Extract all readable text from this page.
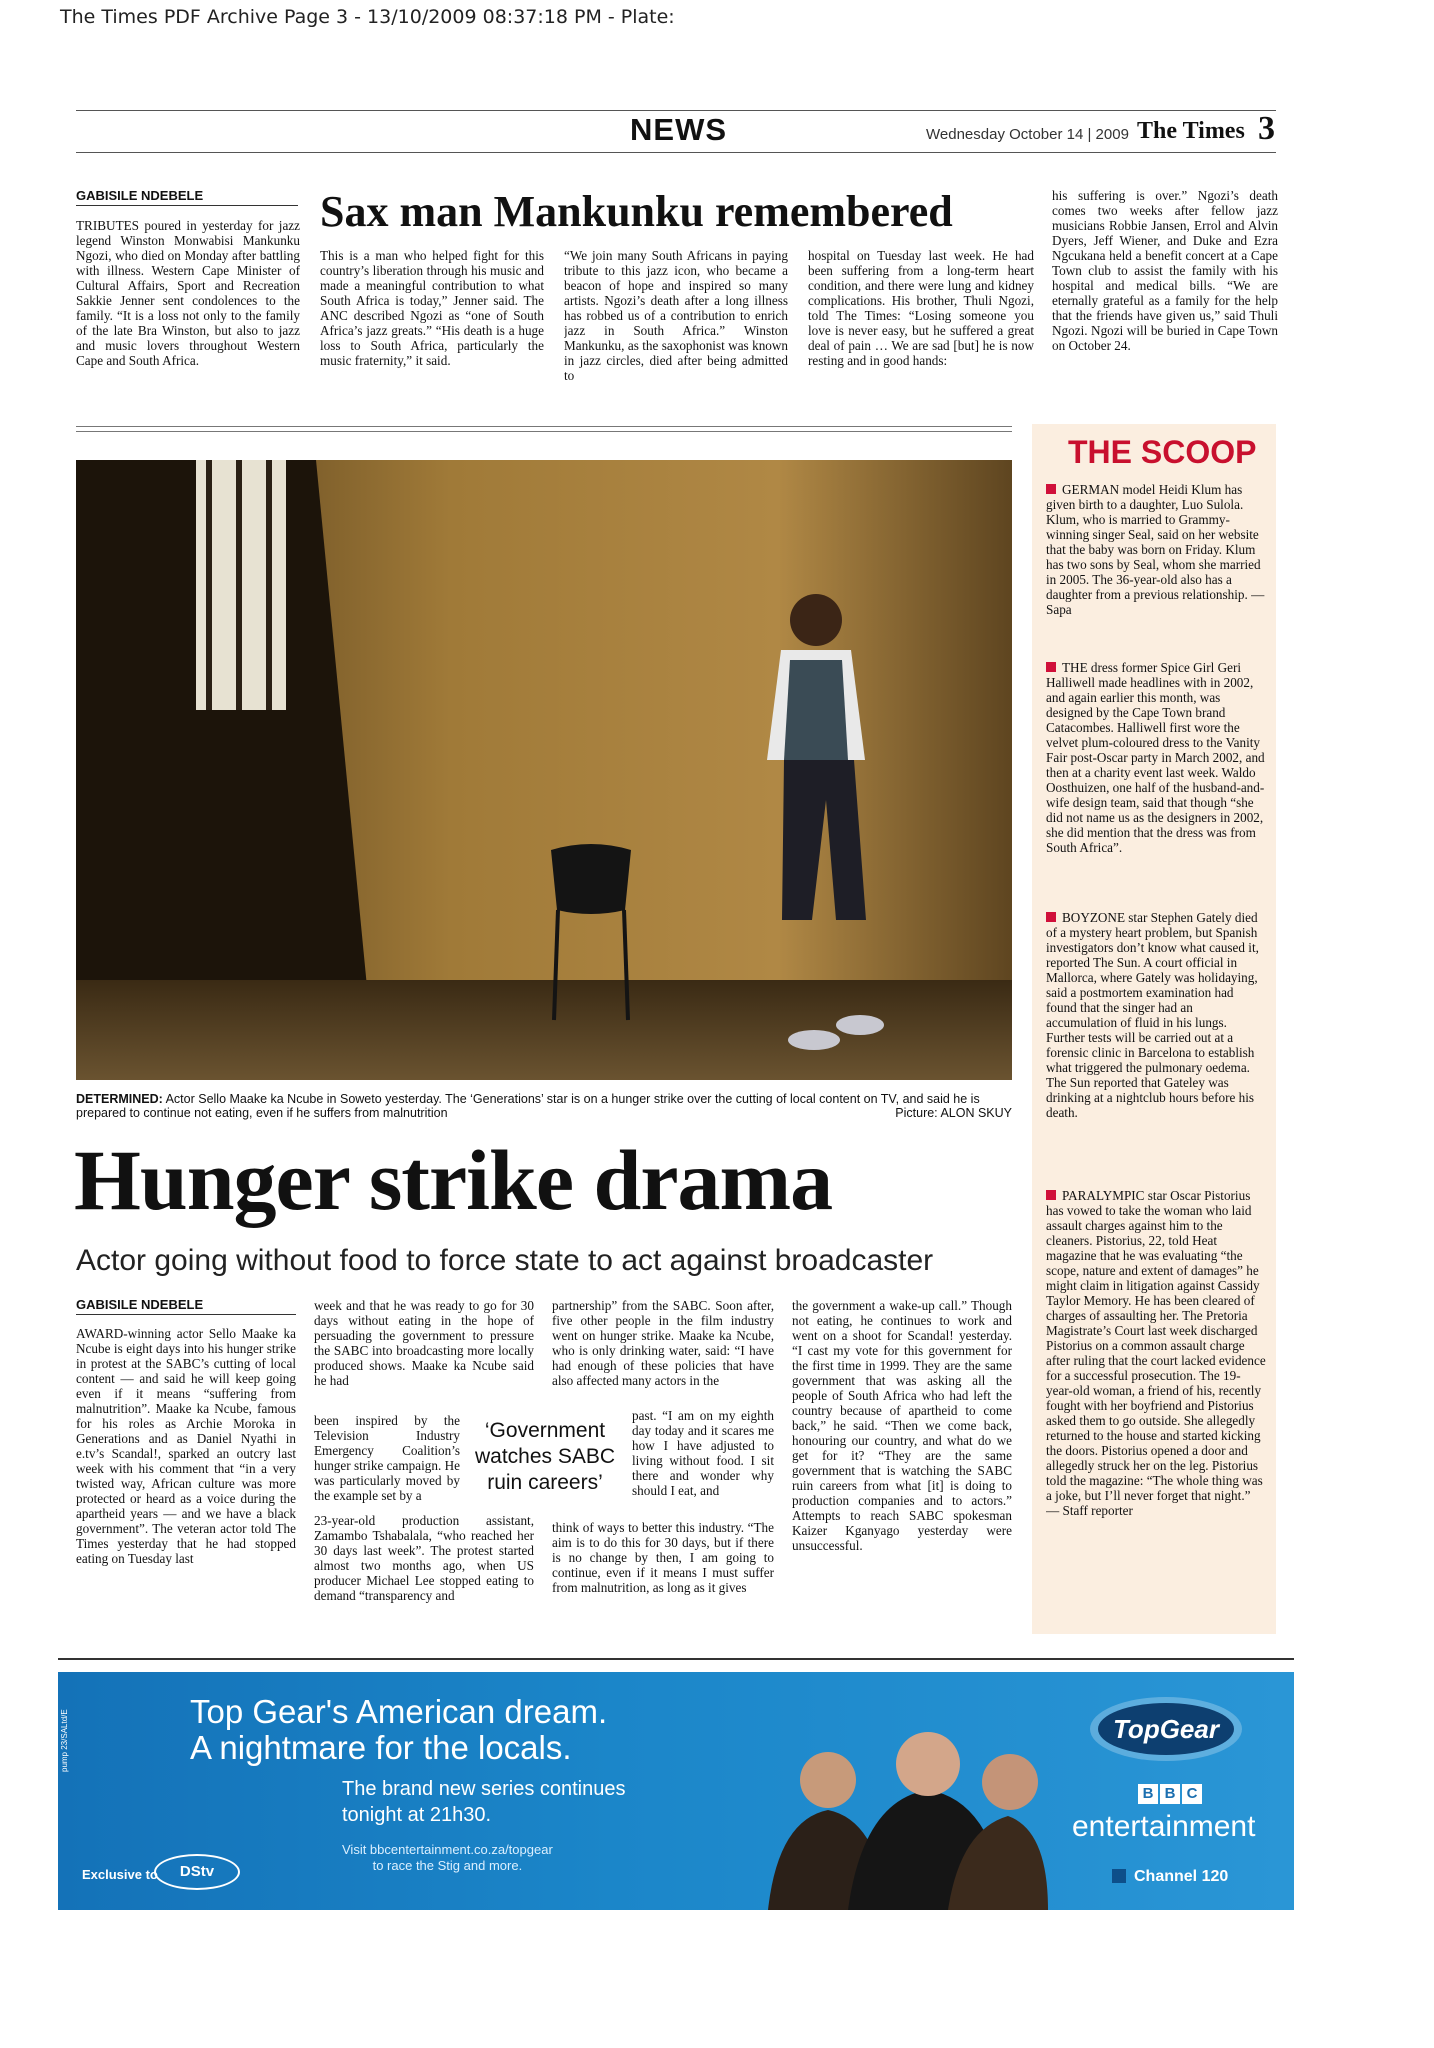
The Times PDF Archive Page 3 - 13/10/2009 08:37:18 PM - Plate:
NEWS	Wednesday October 14 | 2009 The Times 3
GABISILE NDEBELE
TRIBUTES poured in yesterday for jazz legend Winston Monwabisi Mankunku Ngozi, who died on Monday after battling with illness. Western Cape Minister of Cultural Affairs, Sport and Recreation Sakkie Jenner sent condolences to the family. “It is a loss not only to the family of the late Bra Winston, but also to jazz and music lovers throughout Western Cape and South Africa.
Sax man Mankunku remembered
This is a man who helped fight for this country’s liberation through his music and made a meaningful contribution to what South Africa is today,” Jenner said. The ANC described Ngozi as “one of South Africa’s jazz greats.” “His death is a huge loss to South Africa, particularly the music fraternity,” it said.
“We join many South Africans in paying tribute to this jazz icon, who became a beacon of hope and inspired so many artists. Ngozi’s death after a long illness has robbed us of a contribution to enrich jazz in South Africa.” Winston Mankunku, as the saxophonist was known in jazz circles, died after being admitted to
hospital on Tuesday last week. He had been suffering from a long-term heart condition, and there were lung and kidney complications. His brother, Thuli Ngozi, told The Times: “Losing someone you love is never easy, but he suffered a great deal of pain … We are sad [but] he is now resting and in good hands:
his suffering is over.” Ngozi’s death comes two weeks after fellow jazz musicians Robbie Jansen, Errol and Alvin Dyers, Jeff Wiener, and Duke and Ezra Ngcukana held a benefit concert at a Cape Town club to assist the family with his hospital and medical bills. “We are eternally grateful as a family for the help that the friends have given us,” said Thuli Ngozi. Ngozi will be buried in Cape Town on October 24.
DETERMINED: Actor Sello Maake ka Ncube in Soweto yesterday. The ‘Generations’ star is on a hunger strike over the cutting of local content on TV, and said he is prepared to continue not eating, even if he suffers from malnutrition	Picture: ALON SKUY
Hunger strike drama
Actor going without food to force state to act against broadcaster
GABISILE NDEBELE
AWARD-winning actor Sello Maake ka Ncube is eight days into his hunger strike in protest at the SABC’s cutting of local content — and said he will keep going even if it means “suffering from malnutrition”. Maake ka Ncube, famous for his roles as Archie Moroka in Generations and as Daniel Nyathi in e.tv’s Scandal!, sparked an outcry last week with his comment that “in a very twisted way, African culture was more protected or heard as a voice during the apartheid years — and we have a black government”. The veteran actor told The Times yesterday that he had stopped eating on Tuesday last
week and that he was ready to go for 30 days without eating in the hope of persuading the government to pressure the SABC into broadcasting more locally produced shows. Maake ka Ncube said he had
been inspired by the Television Industry Emergency Coalition’s hunger strike campaign. He was particularly moved by the example set by a
23-year-old production assistant, Zamambo Tshabalala, “who reached her 30 days last week”. The protest started almost two months ago, when US producer Michael Lee stopped eating to demand “transparency and
‘Government watches SABC ruin careers’
partnership” from the SABC. Soon after, five other people in the film industry went on hunger strike. Maake ka Ncube, who is only drinking water, said: “I have had enough of these policies that have also affected many actors in the
past. “I am on my eighth day today and it scares me how I have adjusted to living without food. I sit there and wonder why should I eat, and
think of ways to better this industry. “The aim is to do this for 30 days, but if there is no change by then, I am going to continue, even if it means I must suffer from malnutrition, as long as it gives
the government a wake-up call.” Though not eating, he continues to work and went on a shoot for Scandal! yesterday. “I cast my vote for this government for the first time in 1999. They are the same government that was asking all the people of South Africa who had left the country because of apartheid to come back,” he said. “Then we come back, honouring our country, and what do we get for it? “They are the same government that is watching the SABC ruin careers from what [it] is doing to production companies and to actors.” Attempts to reach SABC spokesman Kaizer Kganyago yesterday were unsuccessful.
THE SCOOP
GERMAN model Heidi Klum has given birth to a daughter, Luo Sulola. Klum, who is married to Grammy-winning singer Seal, said on her website that the baby was born on Friday. Klum has two sons by Seal, whom she married in 2005. The 36-year-old also has a daughter from a previous relationship. — Sapa
THE dress former Spice Girl Geri Halliwell made headlines with in 2002, and again earlier this month, was designed by the Cape Town brand Catacombes. Halliwell first wore the velvet plum-coloured dress to the Vanity Fair post-Oscar party in March 2002, and then at a charity event last week. Waldo Oosthuizen, one half of the husband-and-wife design team, said that though “she did not name us as the designers in 2002, she did mention that the dress was from South Africa”.
BOYZONE star Stephen Gately died of a mystery heart problem, but Spanish investigators don’t know what caused it, reported The Sun. A court official in Mallorca, where Gately was holidaying, said a postmortem examination had found that the singer had an accumulation of fluid in his lungs. Further tests will be carried out at a forensic clinic in Barcelona to establish what triggered the pulmonary oedema. The Sun reported that Gateley was drinking at a nightclub hours before his death.
PARALYMPIC star Oscar Pistorius has vowed to take the woman who laid assault charges against him to the cleaners. Pistorius, 22, told Heat magazine that he was evaluating “the scope, nature and extent of damages” he might claim in litigation against Cassidy Taylor Memory. He has been cleared of charges of assaulting her. The Pretoria Magistrate’s Court last week discharged Pistorius on a common assault charge after ruling that the court lacked evidence for a successful prosecution. The 19-year-old woman, a friend of his, recently fought with her boyfriend and Pistorius asked them to go outside. She allegedly returned to the house and started kicking the doors. Pistorius opened a door and allegedly struck her on the leg. Pistorius told the magazine: “The whole thing was a joke, but I’ll never forget that night.” — Staff reporter
pump 23/SALtd/E	Top Gear's American dream.
A nightmare for the locals.
The brand new series continues
tonight at 21h30.
Visit bbcentertainment.co.za/topgear
to race the Stig and more.
Exclusive to	DStv
TopGear
B B C
entertainment
Channel 120
